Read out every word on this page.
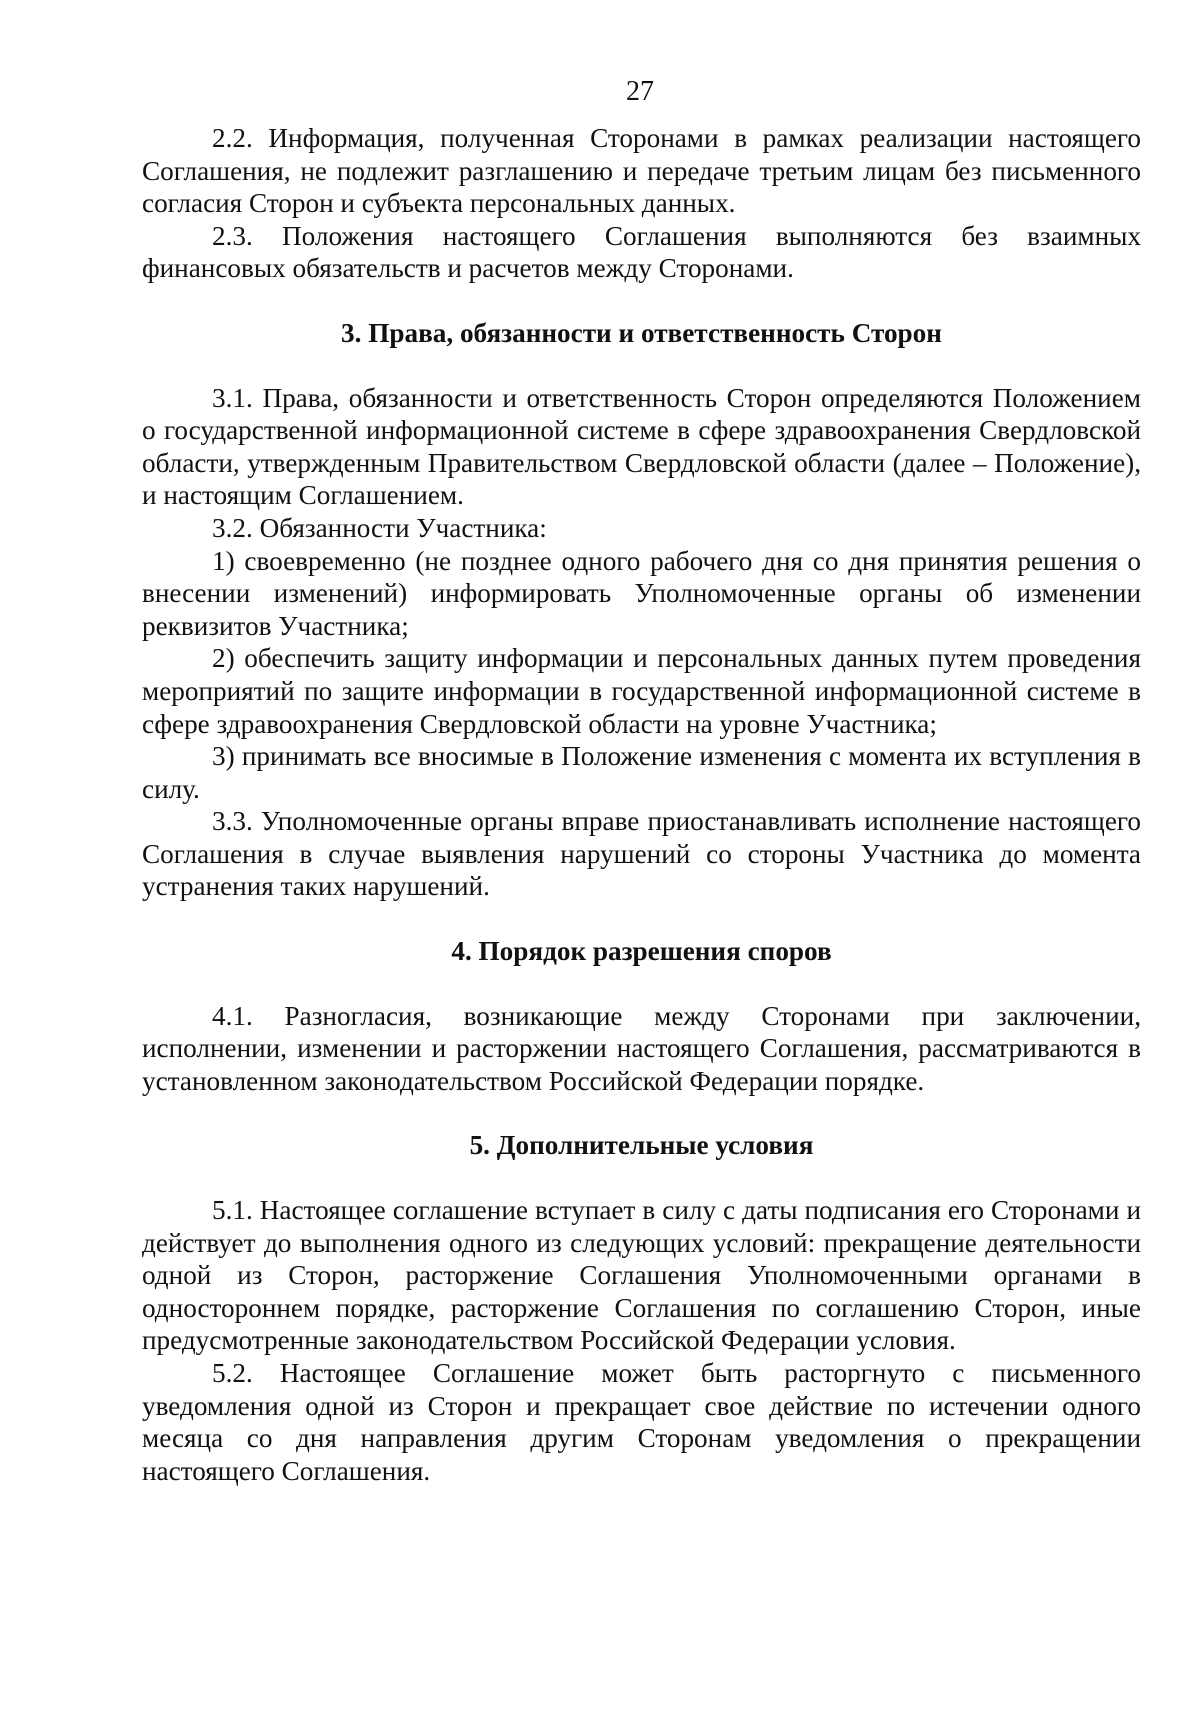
27

2.2. Информация, полученная Сторонами в рамках реализации настоящего Соглашения, не подлежит разглашению и передаче третьим лицам без письменного согласия Сторон и субъекта персональных данных.

2.3. Положения настоящего Соглашения выполняются без взаимных финансовых обязательств и расчетов между Сторонами.

3. Права, обязанности и ответственность Сторон

3.1. Права, обязанности и ответственность Сторон определяются Положением о государственной информационной системе в сфере здравоохранения Свердловской области, утвержденным Правительством Свердловской области (далее – Положение), и настоящим Соглашением.

3.2. Обязанности Участника:

1) своевременно (не позднее одного рабочего дня со дня принятия решения о внесении изменений) информировать Уполномоченные органы об изменении реквизитов Участника;

2) обеспечить защиту информации и персональных данных путем проведения мероприятий по защите информации в государственной информационной системе в сфере здравоохранения Свердловской области на уровне Участника;

3) принимать все вносимые в Положение изменения с момента их вступления в силу.

3.3. Уполномоченные органы вправе приостанавливать исполнение настоящего Соглашения в случае выявления нарушений со стороны Участника до момента устранения таких нарушений.

4. Порядок разрешения споров

4.1. Разногласия, возникающие между Сторонами при заключении, исполнении, изменении и расторжении настоящего Соглашения, рассматриваются в установленном законодательством Российской Федерации порядке.

5. Дополнительные условия

5.1. Настоящее соглашение вступает в силу с даты подписания его Сторонами и действует до выполнения одного из следующих условий: прекращение деятельности одной из Сторон, расторжение Соглашения Уполномоченными органами в одностороннем порядке, расторжение Соглашения по соглашению Сторон, иные предусмотренные законодательством Российской Федерации условия.

5.2. Настоящее Соглашение может быть расторгнуто с письменного уведомления одной из Сторон и прекращает свое действие по истечении одного месяца со дня направления другим Сторонам уведомления о прекращении настоящего Соглашения.
